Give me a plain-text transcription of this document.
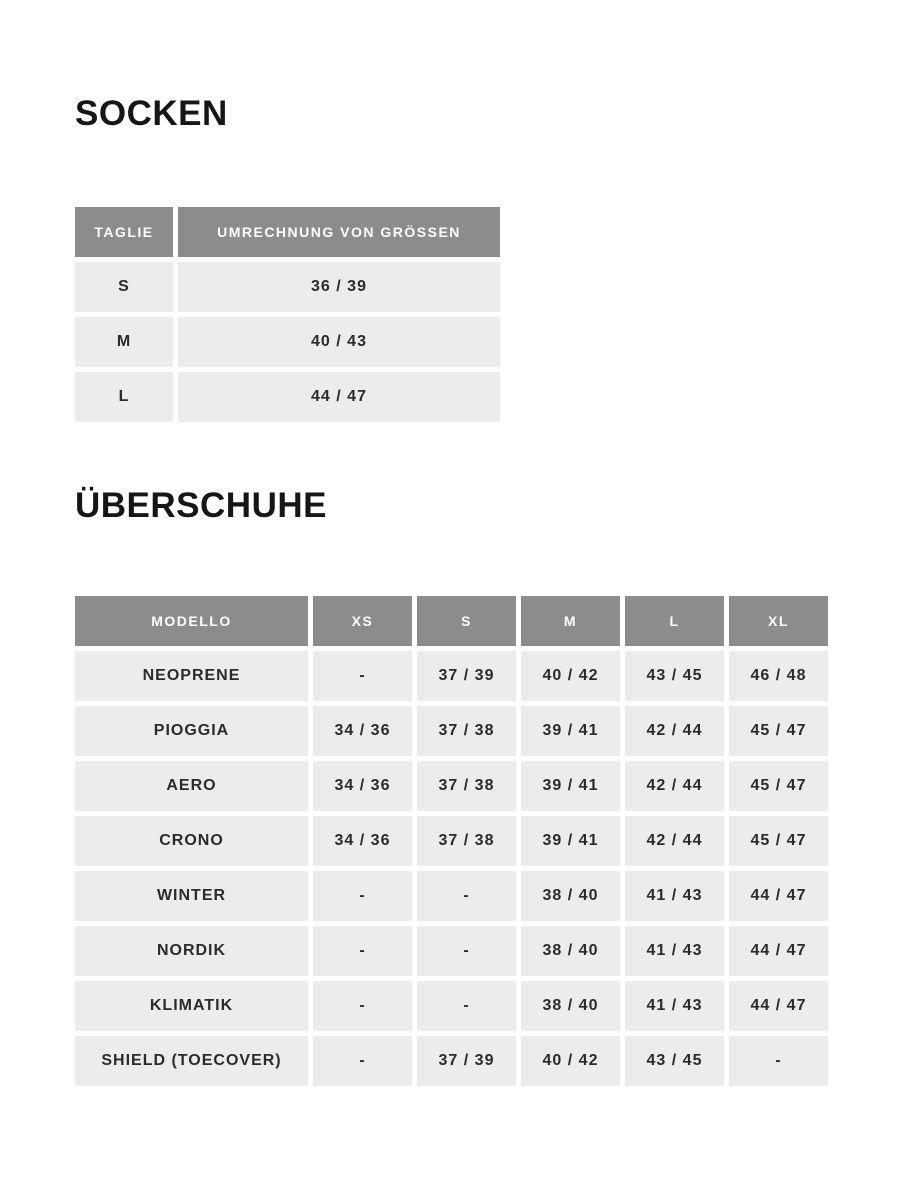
SOCKEN
TAGLIE	UMRECHNUNG VON GRÖSSEN
S	36 / 39
M	40 / 43
L	44 / 47
ÜBERSCHUHE
MODELLO	XS	S	M	L	XL
NEOPRENE	-	37 / 39	40 / 42	43 / 45	46 / 48
PIOGGIA	34 / 36	37 / 38	39 / 41	42 / 44	45 / 47
AERO	34 / 36	37 / 38	39 / 41	42 / 44	45 / 47
CRONO	34 / 36	37 / 38	39 / 41	42 / 44	45 / 47
WINTER	-	-	38 / 40	41 / 43	44 / 47
NORDIK	-	-	38 / 40	41 / 43	44 / 47
KLIMATIK	-	-	38 / 40	41 / 43	44 / 47
SHIELD (TOECOVER)	-	37 / 39	40 / 42	43 / 45	-
